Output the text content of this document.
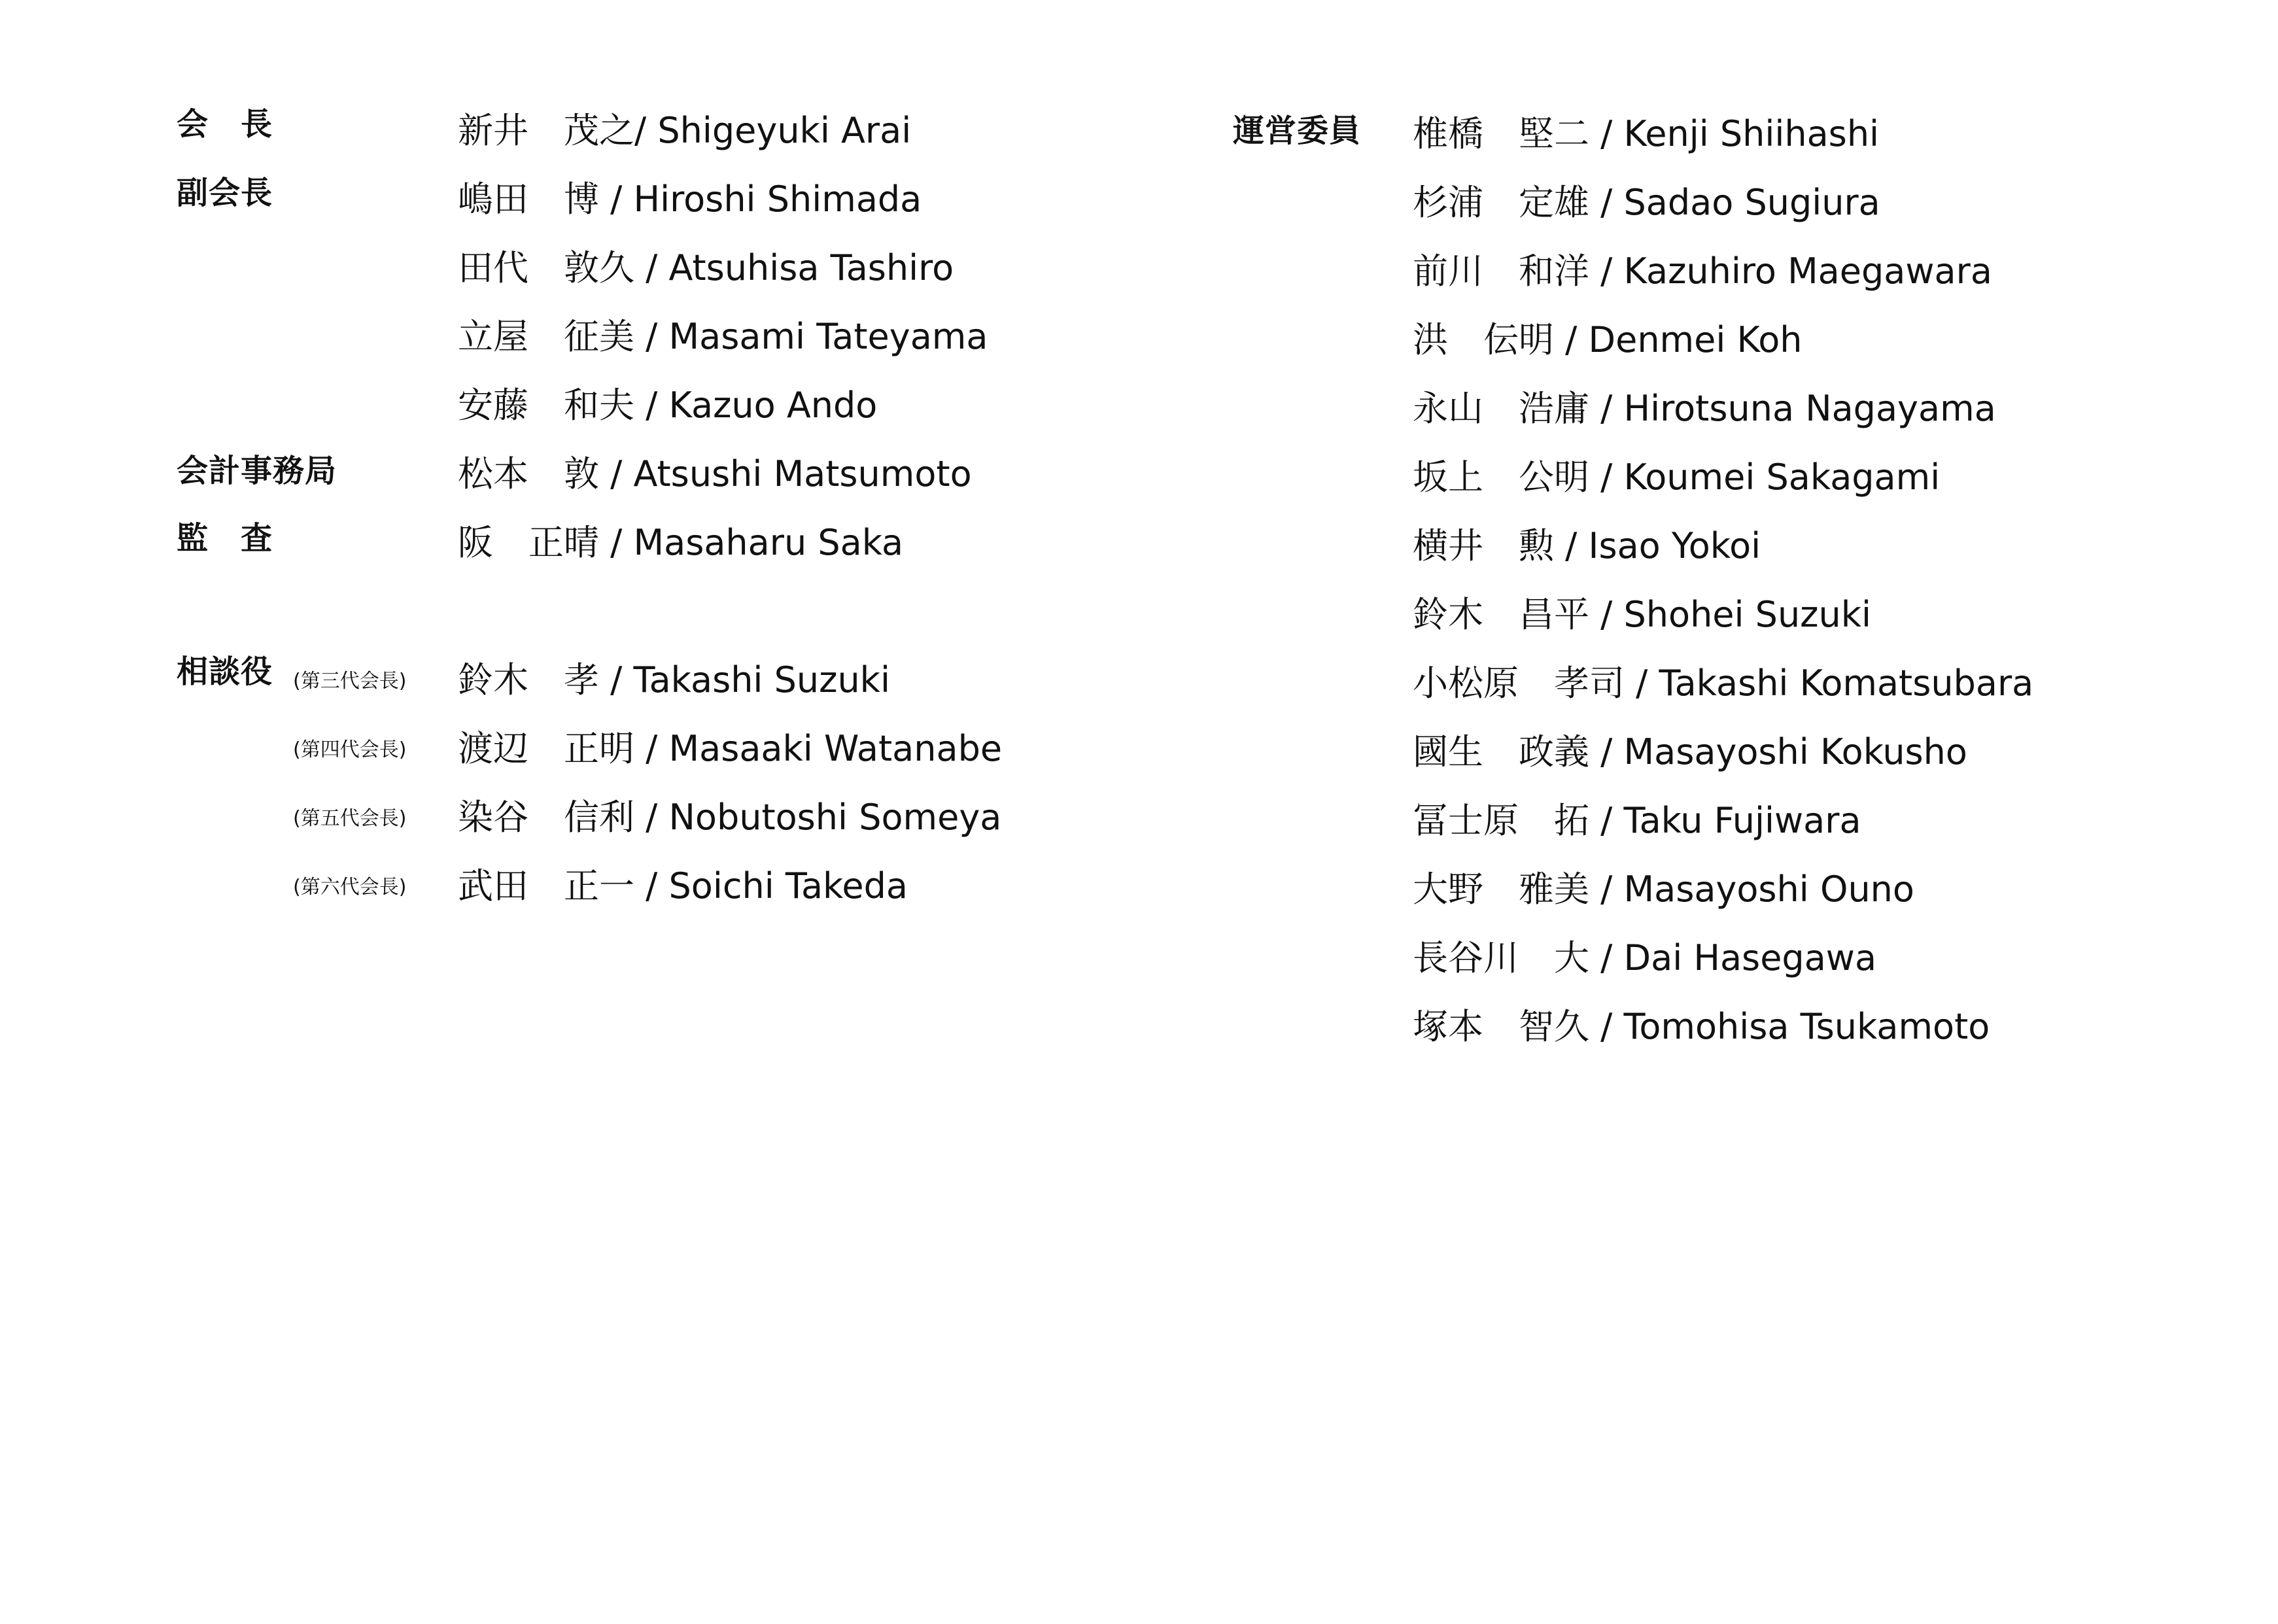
会　長	新井　茂之/ Shigeyuki Arai
副会長	嶋田　博 / Hiroshi Shimada
田代　敦久 / Atsuhisa Tashiro
立屋　征美 / Masami Tateyama
安藤　和夫 / Kazuo Ando
会計事務局	松本　敦 / Atsushi Matsumoto
監　査	阪　正晴 / Masaharu Saka
相談役 (第三代会長) 鈴木　孝 / Takashi Suzuki
(第四代会長) 渡辺　正明 / Masaaki Watanabe
(第五代会長) 染谷　信利 / Nobutoshi Someya
(第六代会長) 武田　正一 / Soichi Takeda
運営委員 椎橋　堅二 / Kenji Shiihashi
杉浦　定雄 / Sadao Sugiura
前川　和洋 / Kazuhiro Maegawara
洪　伝明 / Denmei Koh
永山　浩庸 / Hirotsuna Nagayama
坂上　公明 / Koumei Sakagami
横井　勲 / Isao Yokoi
鈴木　昌平 / Shohei Suzuki
小松原　孝司 / Takashi Komatsubara
國生　政義 / Masayoshi Kokusho
冨士原　拓 / Taku Fujiwara
大野　雅美 / Masayoshi Ouno
長谷川　大 / Dai Hasegawa
塚本　智久 / Tomohisa Tsukamoto
